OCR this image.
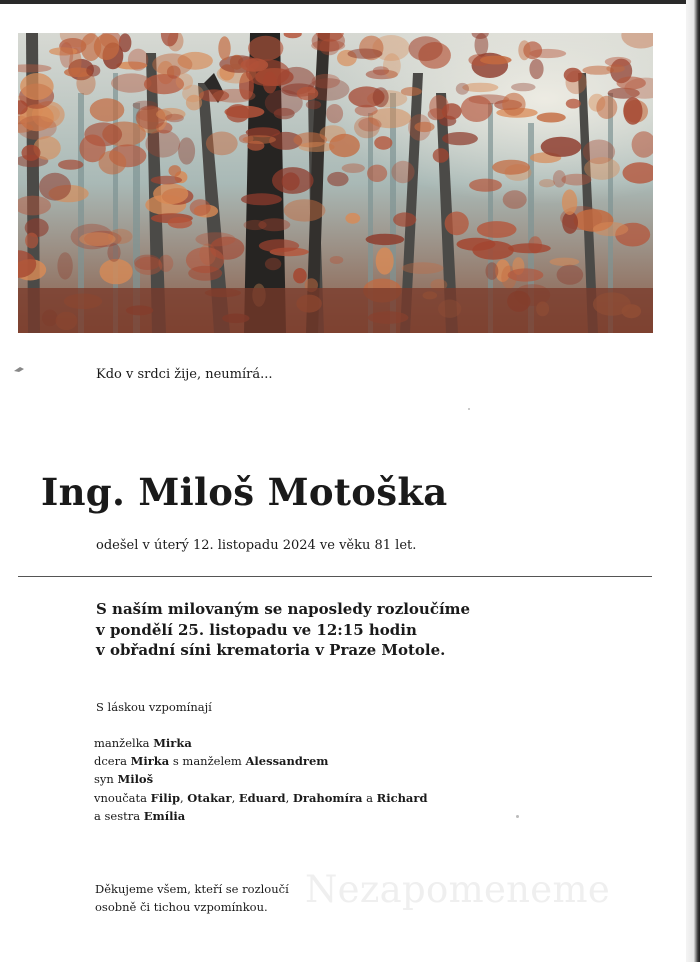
Kdo v srdci žije, neumírá...
Ing. Miloš Motoška
odešel v úterý 12. listopadu 2024 ve věku 81 let.
S naším milovaným se naposledy rozloučíme
v pondělí 25. listopadu ve 12:15 hodin
v obřadní síni krematoria v Praze Motole.
S láskou vzpomínají
manželka Mirka
dcera Mirka s manželem Alessandrem
syn Miloš
vnoučata Filip, Otakar, Eduard, Drahomíra a Richard
a sestra Emília
Nezapomeneme
Děkujeme všem, kteří se rozloučí
osobně či tichou vzpomínkou.
